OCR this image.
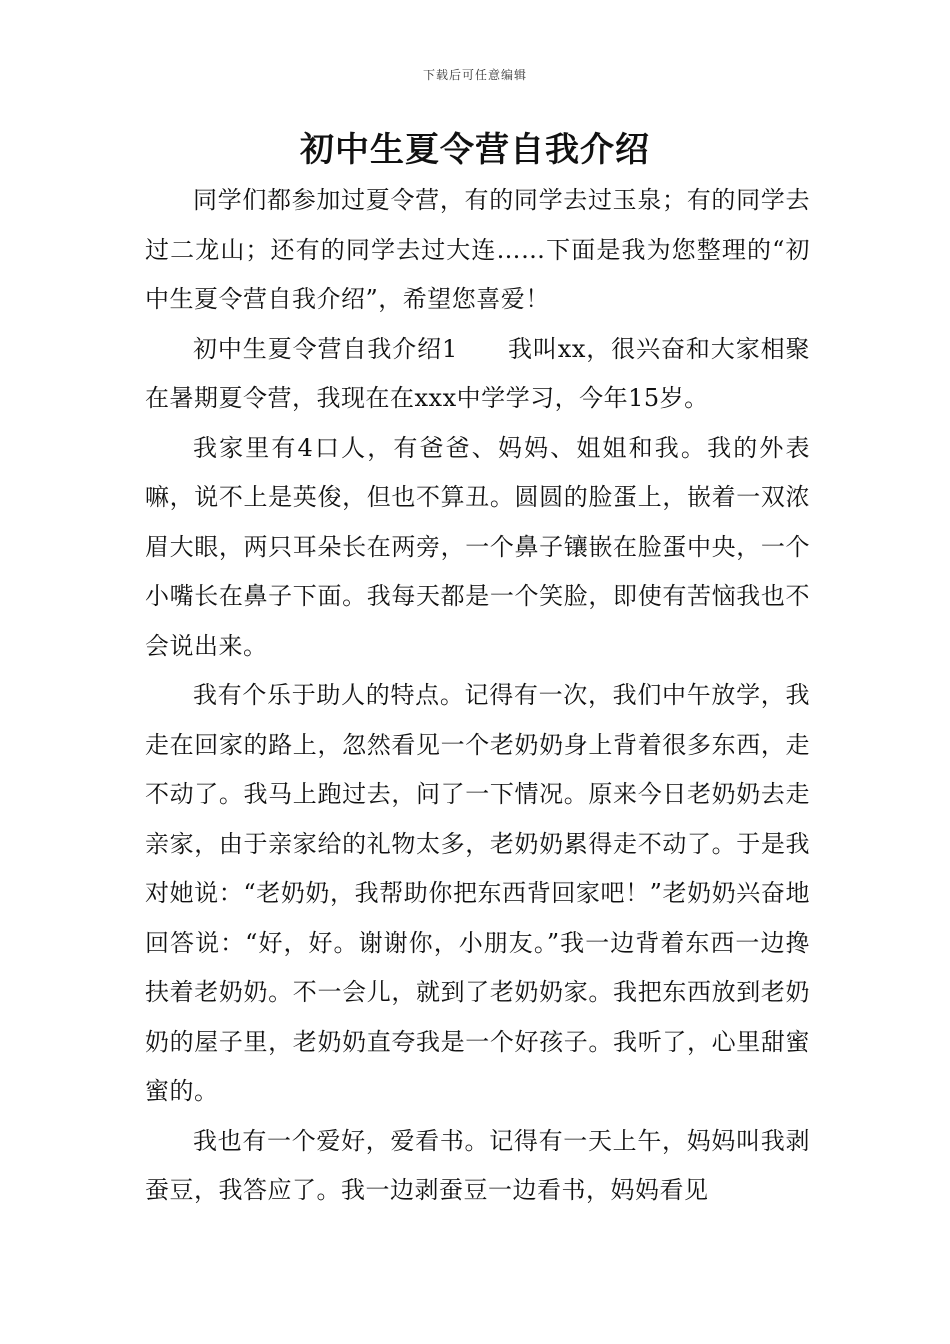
下载后可任意编辑
初中生夏令营自我介绍

同学们都参加过夏令营，有的同学去过玉泉；有的同学去过二龙山；还有的同学去过大连……下面是我为您整理的“初中生夏令营自我介绍”，希望您喜爱！

初中生夏令营自我介绍1　　我叫xx，很兴奋和大家相聚在暑期夏令营，我现在在xxx中学学习，今年15岁。

我家里有4口人，有爸爸、妈妈、姐姐和我。我的外表嘛，说不上是英俊，但也不算丑。圆圆的脸蛋上，嵌着一双浓眉大眼，两只耳朵长在两旁，一个鼻子镶嵌在脸蛋中央，一个小嘴长在鼻子下面。我每天都是一个笑脸，即使有苦恼我也不会说出来。

我有个乐于助人的特点。记得有一次，我们中午放学，我走在回家的路上，忽然看见一个老奶奶身上背着很多东西，走不动了。我马上跑过去，问了一下情况。原来今日老奶奶去走亲家，由于亲家给的礼物太多，老奶奶累得走不动了。于是我对她说：“老奶奶，我帮助你把东西背回家吧！”老奶奶兴奋地回答说：“好，好。谢谢你，小朋友。”我一边背着东西一边搀扶着老奶奶。不一会儿，就到了老奶奶家。我把东西放到老奶奶的屋子里，老奶奶直夸我是一个好孩子。我听了，心里甜蜜蜜的。

我也有一个爱好，爱看书。记得有一天上午，妈妈叫我剥蚕豆，我答应了。我一边剥蚕豆一边看书，妈妈看见
